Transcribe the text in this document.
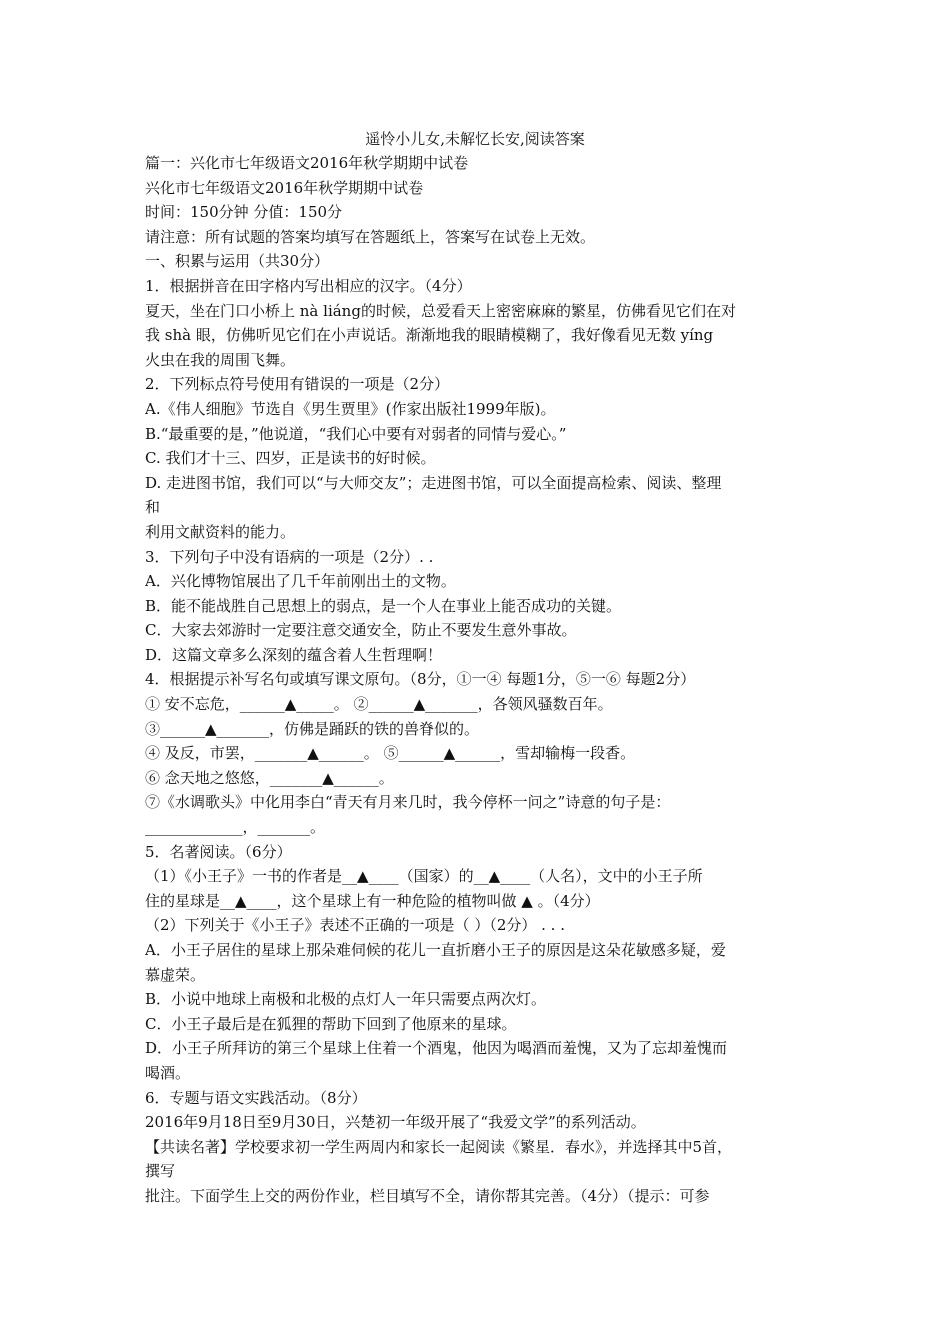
遥怜小儿女,未解忆长安,阅读答案
篇一：兴化市七年级语文2016年秋学期期中试卷
兴化市七年级语文2016年秋学期期中试卷
时间：150分钟 分值：150分
请注意：所有试题的答案均填写在答题纸上，答案写在试卷上无效。
一、积累与运用（共30分）
1．根据拼音在田字格内写出相应的汉字。（4分）
夏天，坐在门口小桥上 nà liáng的时候，总爱看天上密密麻麻的繁星，仿佛看见它们在对
我 shà 眼，仿佛听见它们在小声说话。渐渐地我的眼睛模糊了，我好像看见无数 yíng
火虫在我的周围飞舞。
2．下列标点符号使用有错误的一项是（2分）
A.《伟人细胞》节选自《男生贾里》(作家出版社1999年版)。
B.“最重要的是，”他说道，“我们心中要有对弱者的同情与爱心。”
C. 我们才十三、四岁，正是读书的好时候。
D. 走进图书馆，我们可以“与大师交友”；走进图书馆，可以全面提高检索、阅读、整理
和
利用文献资料的能力。
3．下列句子中没有语病的一项是（2分）. .
A．兴化博物馆展出了几千年前刚出土的文物。
B．能不能战胜自己思想上的弱点，是一个人在事业上能否成功的关键。
C．大家去郊游时一定要注意交通安全，防止不要发生意外事故。
D．这篇文章多么深刻的蕴含着人生哲理啊！
4．根据提示补写名句或填写课文原句。（8分，①一④ 每题1分，⑤一⑥ 每题2分）
① 安不忘危，______▲_____。 ②______▲_______，各领风骚数百年。
③______▲_______，仿佛是踊跃的铁的兽脊似的。
④ 及反，市罢，_______▲______。 ⑤______▲______，雪却输梅一段香。
⑥ 念天地之悠悠，_______▲______。
⑦《水调歌头》中化用李白“青天有月来几时，我今停杯一问之”诗意的句子是：
_____________，_______。
5．名著阅读。（6分）
（1）《小王子》一书的作者是__▲____（国家）的__▲____（人名），文中的小王子所
住的星球是__▲____，这个星球上有一种危险的植物叫做 ▲ 。（4分）
（2）下列关于《小王子》表述不正确的一项是（ ）（2分） . . .
A．小王子居住的星球上那朵难伺候的花儿一直折磨小王子的原因是这朵花敏感多疑，爱
慕虚荣。
B．小说中地球上南极和北极的点灯人一年只需要点两次灯。
C．小王子最后是在狐狸的帮助下回到了他原来的星球。
D．小王子所拜访的第三个星球上住着一个酒鬼，他因为喝酒而羞愧，又为了忘却羞愧而
喝酒。
6．专题与语文实践活动。（8分）
2016年9月18日至9月30日，兴楚初一年级开展了“我爱文学”的系列活动。
【共读名著】学校要求初一学生两周内和家长一起阅读《繁星．春水》，并选择其中5首，
撰写
批注。下面学生上交的两份作业，栏目填写不全，请你帮其完善。（4分）（提示：可参
